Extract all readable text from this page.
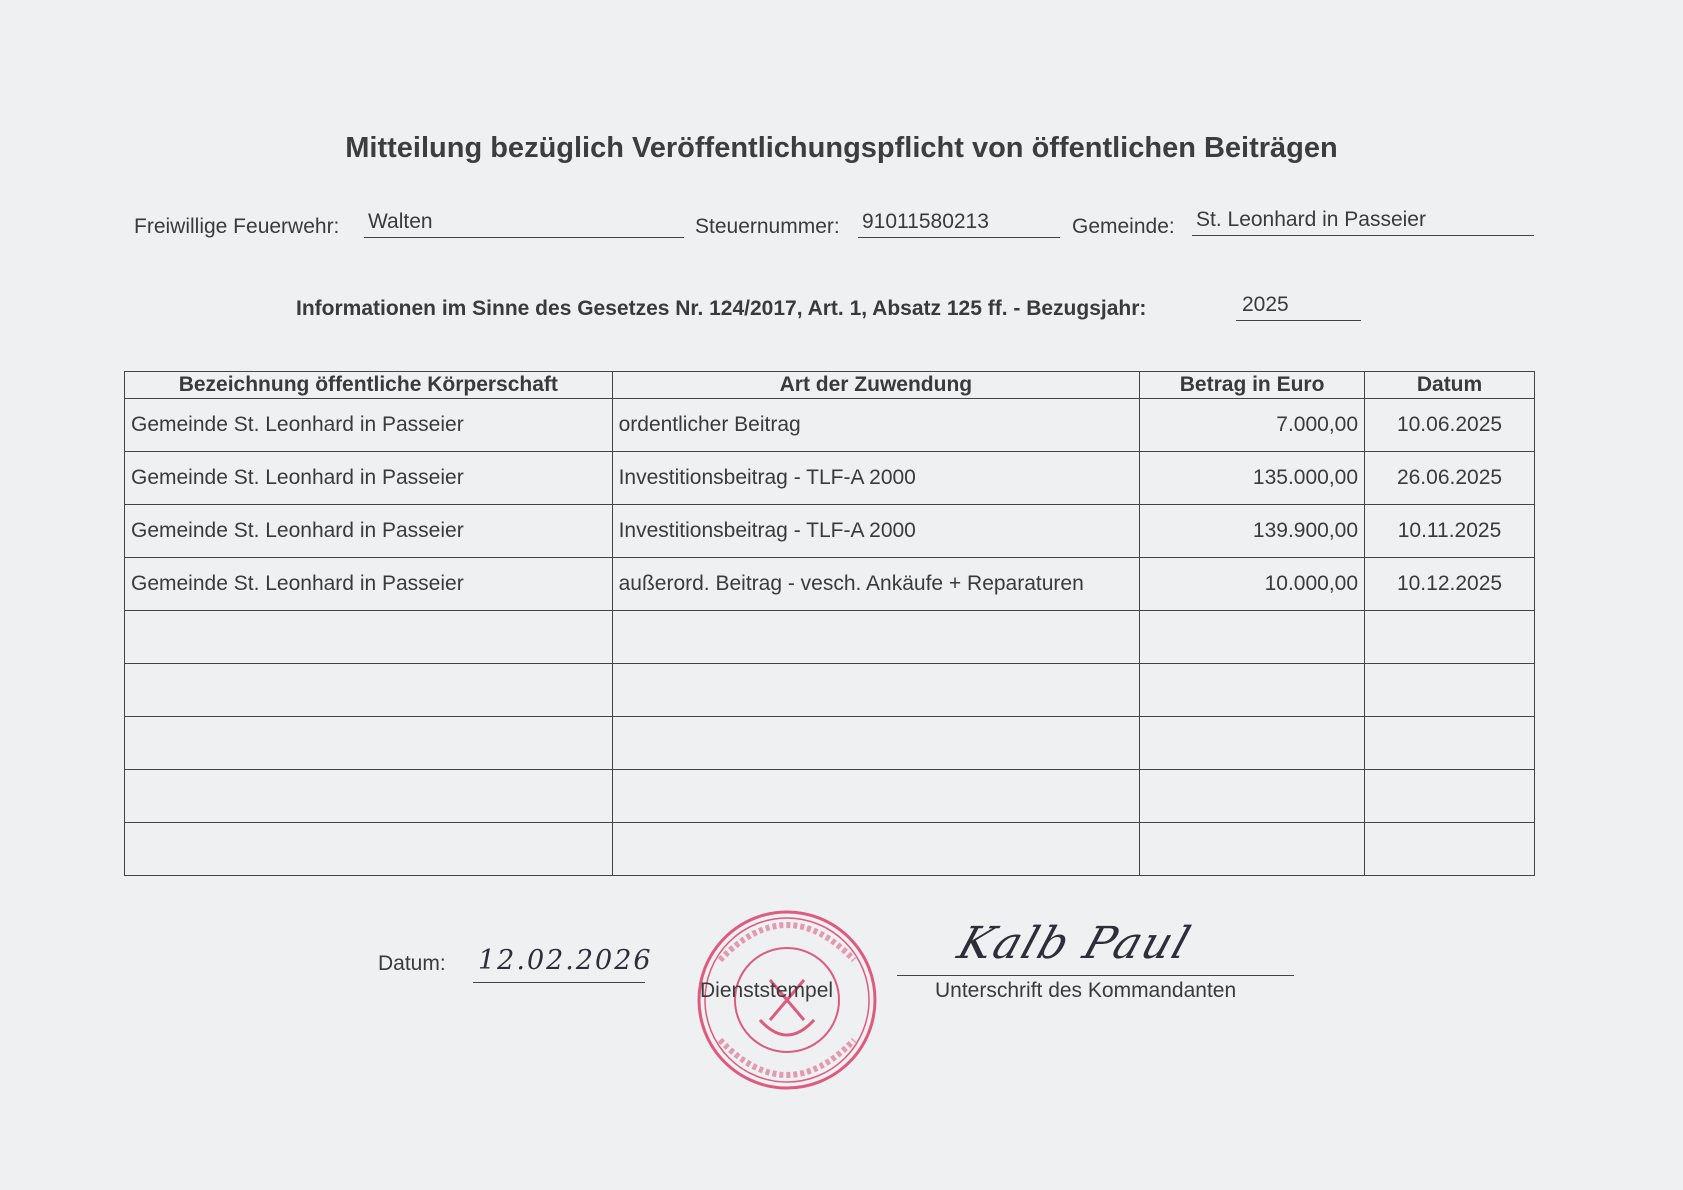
Mitteilung bezüglich Veröffentlichungspflicht von öffentlichen Beiträgen
Freiwillige Feuerwehr: Walten	Steuernummer: 91011580213	Gemeinde: St. Leonhard in Passeier
Informationen im Sinne des Gesetzes Nr. 124/2017, Art. 1, Absatz 125 ff. - Bezugsjahr:	2025
Bezeichnung öffentliche Körperschaft	Art der Zuwendung	Betrag in Euro	Datum
Gemeinde St. Leonhard in Passeier	ordentlicher Beitrag	7.000,00	10.06.2025
Gemeinde St. Leonhard in Passeier	Investitionsbeitrag - TLF-A 2000	135.000,00	26.06.2025
Gemeinde St. Leonhard in Passeier	Investitionsbeitrag - TLF-A 2000	139.900,00	10.11.2025
Gemeinde St. Leonhard in Passeier	außerord. Beitrag - vesch. Ankäufe + Reparaturen	10.000,00	10.12.2025

Datum: 12.02.2026
Dienststempel
Kalb Paul
Unterschrift des Kommandanten
